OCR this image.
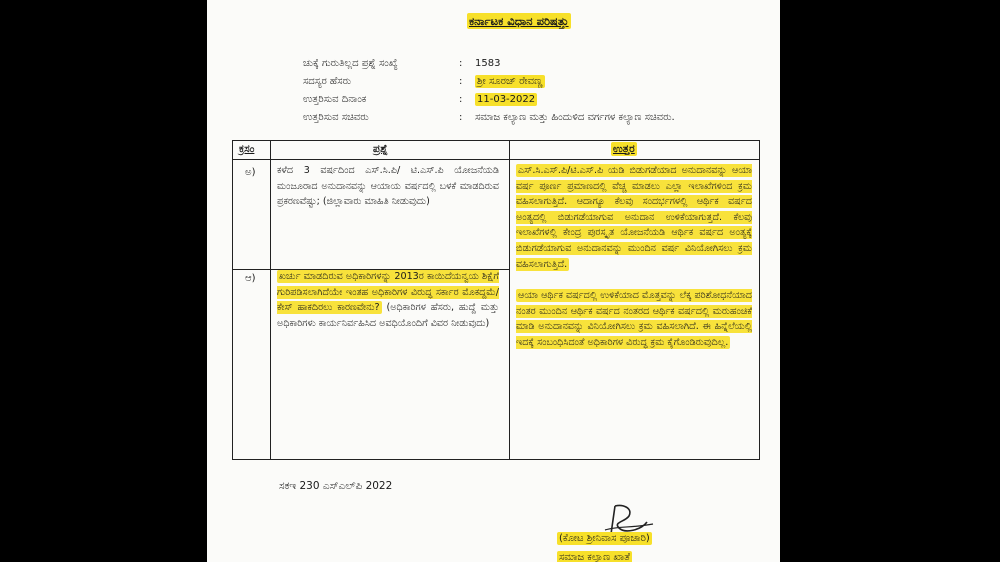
ಕರ್ನಾಟಕ ವಿಧಾನ ಪರಿಷತ್ತು
ಚುಕ್ಕೆ ಗುರುತಿಲ್ಲದ ಪ್ರಶ್ನೆ ಸಂಖ್ಯೆ	:	1583
ಸದಸ್ಯರ ಹೆಸರು	:	ಶ್ರೀ ಸೂರಜ್ ರೇವಣ್ಣ
ಉತ್ತರಿಸುವ ದಿನಾಂಕ	:	11-03-2022
ಉತ್ತರಿಸುವ ಸಚಿವರು	:	ಸಮಾಜ ಕಲ್ಯಾಣ ಮತ್ತು ಹಿಂದುಳಿದ ವರ್ಗಗಳ ಕಲ್ಯಾಣ ಸಚಿವರು.
ಕ್ರಸಂ	ಪ್ರಶ್ನೆ	ಉತ್ತರ
ಅ) ಕಳೆದ 3 ವರ್ಷದಿಂದ ಎಸ್.ಸಿ.ಪಿ/ ಟಿ.ಎಸ್.ಪಿ ಯೋಜನೆಯಡಿ ಮಂಜೂರಾದ ಅನುದಾನವನ್ನು ಆಯಾಯ ವರ್ಷದಲ್ಲಿ ಬಳಕೆ ಮಾಡದಿರುವ ಪ್ರಕರಣವೆಷ್ಟು; (ಜಿಲ್ಲಾವಾರು ಮಾಹಿತಿ ನೀಡುವುದು)
ಆ) ಖರ್ಚು ಮಾಡದಿರುವ ಅಧಿಕಾರಿಗಳನ್ನು 2013ರ ಕಾಯಿದೆಯನ್ವಯ ಶಿಕ್ಷೆಗೆ ಗುರಿಪಡಿಸಲಾಗಿದೆಯೇ ಇಂತಹ ಅಧಿಕಾರಿಗಳ ವಿರುದ್ಧ ಸರ್ಕಾರ ಮೊಕದ್ದಮೆ/ಕೇಸ್ ಹಾಕದಿರಲು ಕಾರಣವೇನು? (ಅಧಿಕಾರಿಗಳ ಹೆಸರು, ಹುದ್ದೆ ಮತ್ತು ಅಧಿಕಾರಿಗಳು ಕಾರ್ಯನಿರ್ವಹಿಸಿದ ಅವಧಿಯೊಂದಿಗೆ ವಿವರ ನೀಡುವುದು)

ಎಸ್.ಸಿ.ಎಸ್.ಪಿ/ಟಿ.ಎಸ್.ಪಿ ಯಡಿ ಬಿಡುಗಡೆಯಾದ ಅನುದಾನವನ್ನು ಆಯಾ ವರ್ಷ ಪೂರ್ಣ ಪ್ರಮಾಣದಲ್ಲಿ ವೆಚ್ಚ ಮಾಡಲು ಎಲ್ಲಾ ಇಲಾಖೆಗಳಿಂದ ಕ್ರಮ ವಹಿಸಲಾಗುತ್ತಿದೆ. ಆದಾಗ್ಯೂ ಕೆಲವು ಸಂದರ್ಭಗಳಲ್ಲಿ ಆರ್ಥಿಕ ವರ್ಷದ ಅಂತ್ಯದಲ್ಲಿ ಬಿಡುಗಡೆಯಾಗುವ ಅನುದಾನ ಉಳಿಕೆಯಾಗುತ್ತದೆ. ಕೆಲವು ಇಲಾಖೆಗಳಲ್ಲಿ ಕೇಂದ್ರ ಪುರಸ್ಕೃತ ಯೋಜನೆಯಡಿ ಆರ್ಥಿಕ ವರ್ಷದ ಅಂತ್ಯಕ್ಕೆ ಬಿಡುಗಡೆಯಾಗುವ ಅನುದಾನವನ್ನು ಮುಂದಿನ ವರ್ಷ ವಿನಿಯೋಗಿಸಲು ಕ್ರಮ ವಹಿಸಲಾಗುತ್ತಿದೆ.

ಆಯಾ ಆರ್ಥಿಕ ವರ್ಷದಲ್ಲಿ ಉಳಿಕೆಯಾದ ಮೊತ್ತವನ್ನು ಲೆಕ್ಕ ಪರಿಶೋಧನೆಯಾದ ನಂತರ ಮುಂದಿನ ಆರ್ಥಿಕ ವರ್ಷದ ನಂತರದ ಆರ್ಥಿಕ ವರ್ಷದಲ್ಲಿ ಮರುಹಂಚಿಕೆ ಮಾಡಿ ಅನುದಾನವನ್ನು ವಿನಿಯೋಗಿಸಲು ಕ್ರಮ ವಹಿಸಲಾಗಿದೆ. ಈ ಹಿನ್ನೆಲೆಯಲ್ಲಿ ಇದಕ್ಕೆ ಸಂಬಂಧಿಸಿದಂತೆ ಅಧಿಕಾರಿಗಳ ವಿರುದ್ಧ ಕ್ರಮ ಕೈಗೊಂಡಿರುವುದಿಲ್ಲ.

ಸಕಇ 230 ಎಸ್‌ಎಲ್‌ಪಿ 2022
(ಕೋಟ ಶ್ರೀನಿವಾಸ ಪೂಜಾರಿ)
ಸಮಾಜ ಕಲ್ಯಾಣ ಖಾತೆ
